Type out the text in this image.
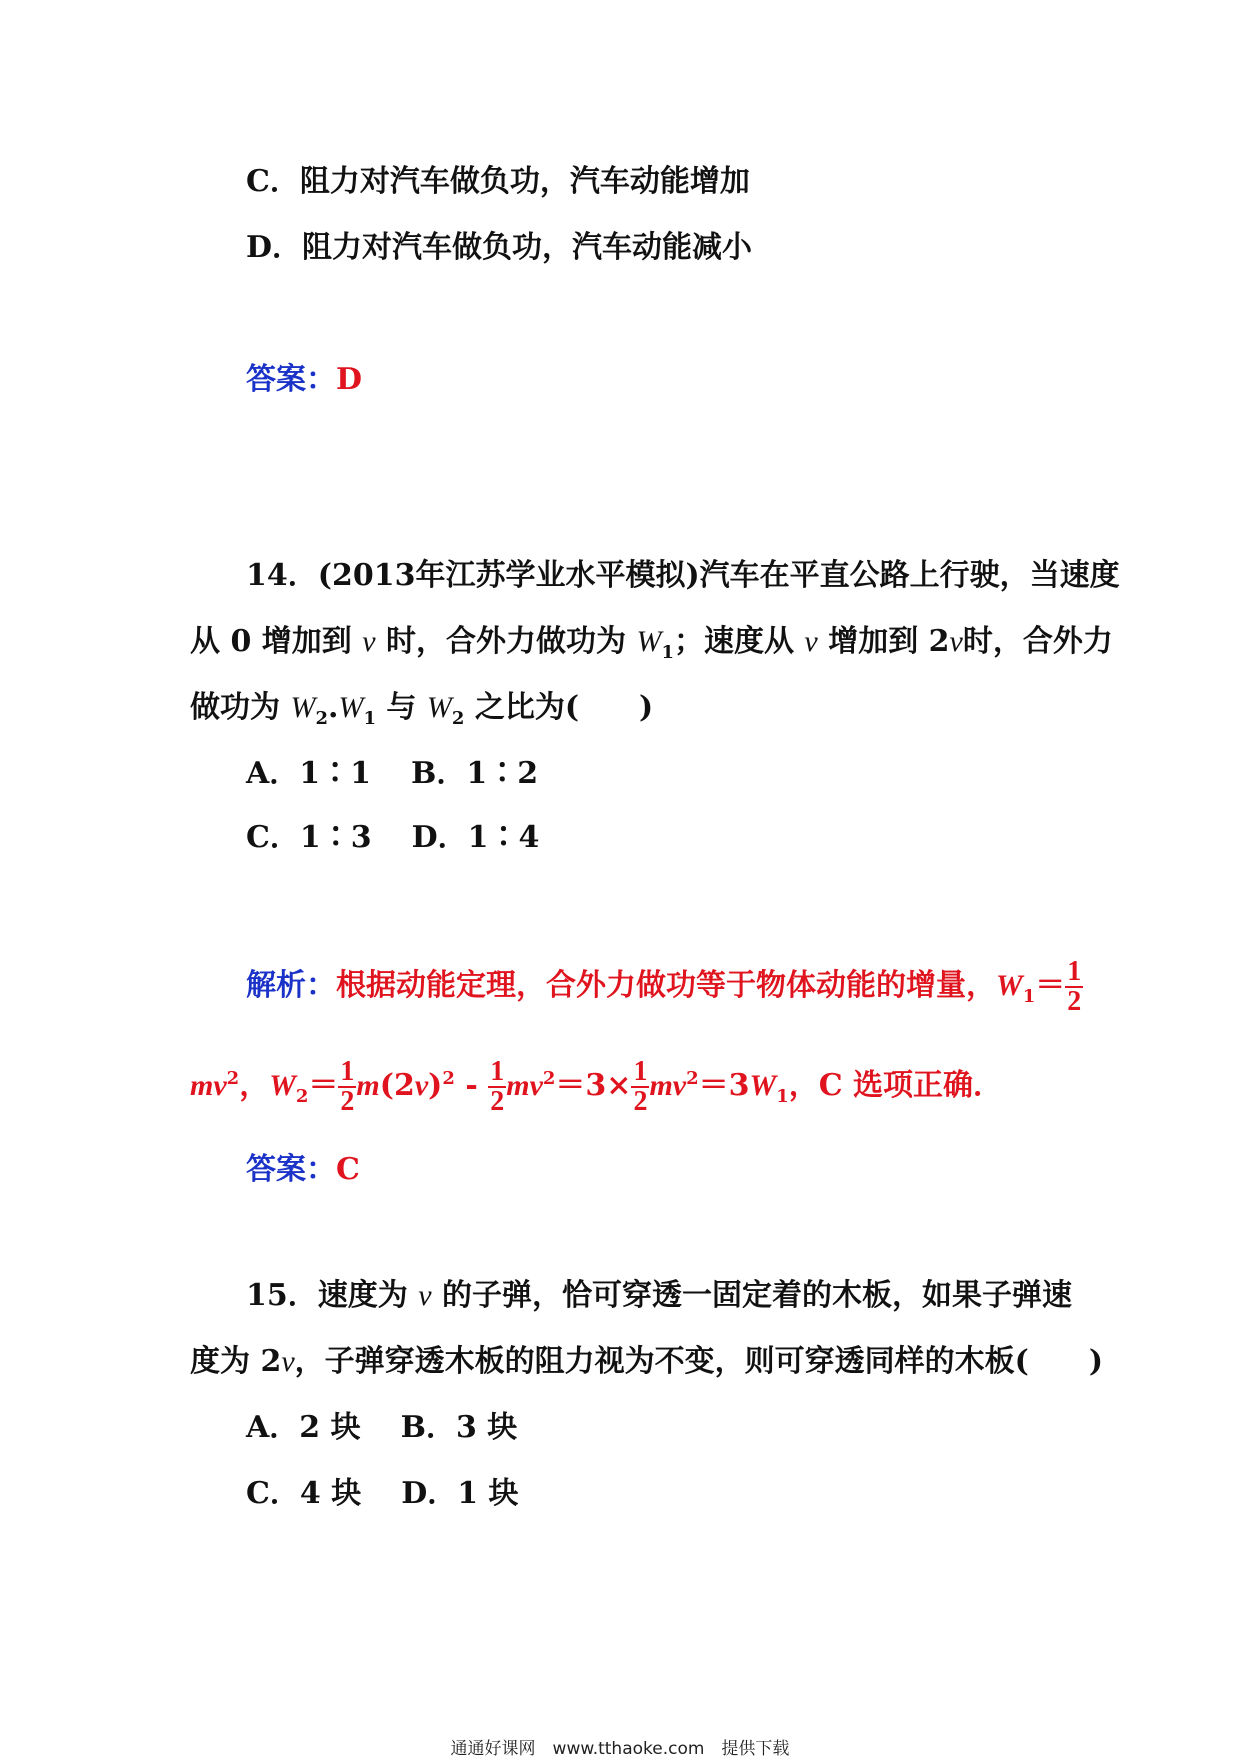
C．阻力对汽车做负功，汽车动能增加
D．阻力对汽车做负功，汽车动能减小
答案：D
14．(2013年江苏学业水平模拟)汽车在平直公路上行驶，当速度
从 0 增加到 v 时，合外力做功为 $W_1$；速度从 v 增加到 2v时，合外力
做功为 $W_2.W_1$ 与 $W_2$ 之比为(　　)
A．1∶1 B．1∶2
C．1∶3 D．1∶4
解析：根据动能定理，合外力做功等于物体动能的增量，$W_1= \frac{1}{2}$
$mv^2$，$W_2= \frac{1}{2} m(2v)^2 - \frac{1}{2} mv^2=3\times \frac{1}{2} mv^2=3W_1$，C 选项正确．
答案：C
15．速度为 v 的子弹，恰可穿透一固定着的木板，如果子弹速
度为 2v，子弹穿透木板的阻力视为不变，则可穿透同样的木板(　　)
A．2 块 B．3 块
C．4 块 D．1 块
通通好课网　www.tthaoke.com　提供下载
